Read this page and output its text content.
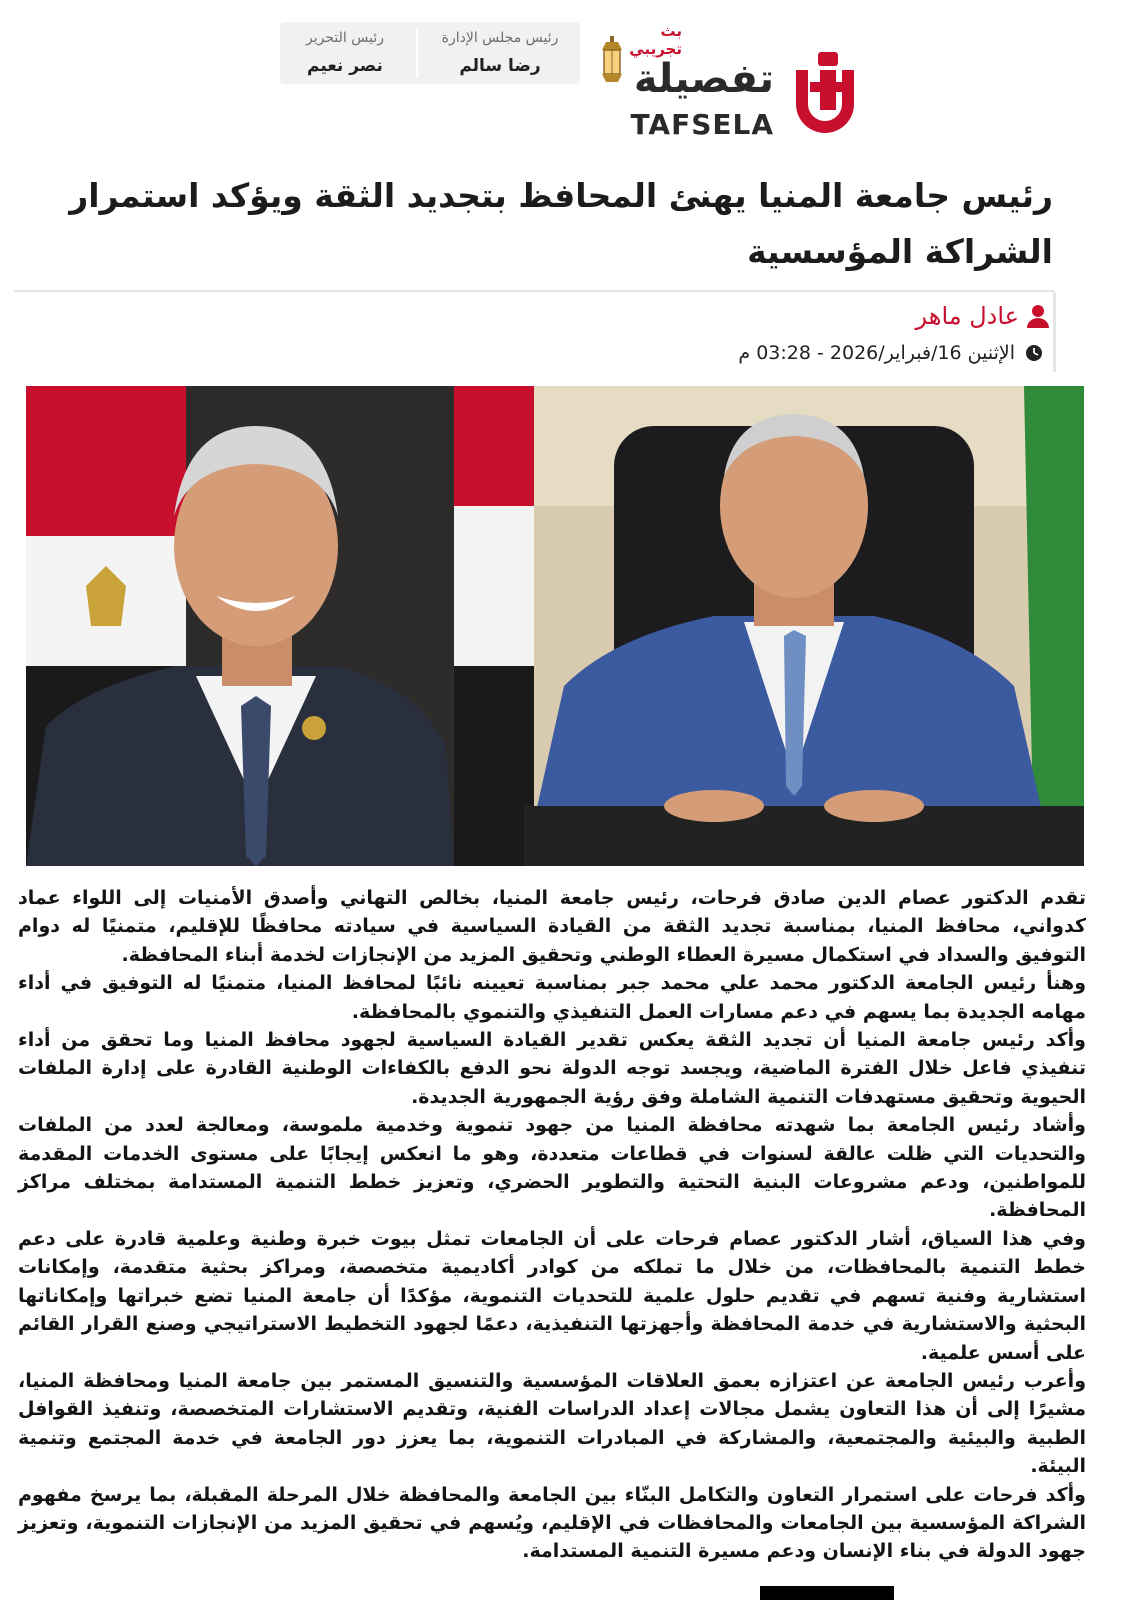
رئيس مجلس الإدارة
رضا سالم
رئيس التحرير
نصر نعيم
بث تجريبي
تفصيلة
TAFSELA
رئيس جامعة المنيا يهنئ المحافظ بتجديد الثقة ويؤكد استمرار الشراكة المؤسسية
عادل ماهر
الإثنين 16/فبراير/2026 - 03:28 م

تقدم الدكتور عصام الدين صادق فرحات، رئيس جامعة المنيا، بخالص التهاني وأصدق الأمنيات إلى اللواء عماد كدواني، محافظ المنيا، بمناسبة تجديد الثقة من القيادة السياسية في سيادته محافظًا للإقليم، متمنيًا له دوام التوفيق والسداد في استكمال مسيرة العطاء الوطني وتحقيق المزيد من الإنجازات لخدمة أبناء المحافظة.

وهنأ رئيس الجامعة الدكتور محمد علي محمد جبر بمناسبة تعيينه نائبًا لمحافظ المنيا، متمنيًا له التوفيق في أداء مهامه الجديدة بما يسهم في دعم مسارات العمل التنفيذي والتنموي بالمحافظة.

وأكد رئيس جامعة المنيا أن تجديد الثقة يعكس تقدير القيادة السياسية لجهود محافظ المنيا وما تحقق من أداء تنفيذي فاعل خلال الفترة الماضية، ويجسد توجه الدولة نحو الدفع بالكفاءات الوطنية القادرة على إدارة الملفات الحيوية وتحقيق مستهدفات التنمية الشاملة وفق رؤية الجمهورية الجديدة.

وأشاد رئيس الجامعة بما شهدته محافظة المنيا من جهود تنموية وخدمية ملموسة، ومعالجة لعدد من الملفات والتحديات التي ظلت عالقة لسنوات في قطاعات متعددة، وهو ما انعكس إيجابًا على مستوى الخدمات المقدمة للمواطنين، ودعم مشروعات البنية التحتية والتطوير الحضري، وتعزيز خطط التنمية المستدامة بمختلف مراكز المحافظة.

وفي هذا السياق، أشار الدكتور عصام فرحات على أن الجامعات تمثل بيوت خبرة وطنية وعلمية قادرة على دعم خطط التنمية بالمحافظات، من خلال ما تملكه من كوادر أكاديمية متخصصة، ومراكز بحثية متقدمة، وإمكانات استشارية وفنية تسهم في تقديم حلول علمية للتحديات التنموية، مؤكدًا أن جامعة المنيا تضع خبراتها وإمكاناتها البحثية والاستشارية في خدمة المحافظة وأجهزتها التنفيذية، دعمًا لجهود التخطيط الاستراتيجي وصنع القرار القائم على أسس علمية.

وأعرب رئيس الجامعة عن اعتزازه بعمق العلاقات المؤسسية والتنسيق المستمر بين جامعة المنيا ومحافظة المنيا، مشيرًا إلى أن هذا التعاون يشمل مجالات إعداد الدراسات الفنية، وتقديم الاستشارات المتخصصة، وتنفيذ القوافل الطبية والبيئية والمجتمعية، والمشاركة في المبادرات التنموية، بما يعزز دور الجامعة في خدمة المجتمع وتنمية البيئة.

وأكد فرحات على استمرار التعاون والتكامل البنّاء بين الجامعة والمحافظة خلال المرحلة المقبلة، بما يرسخ مفهوم الشراكة المؤسسية بين الجامعات والمحافظات في الإقليم، ويُسهم في تحقيق المزيد من الإنجازات التنموية، وتعزيز جهود الدولة في بناء الإنسان ودعم مسيرة التنمية المستدامة.
